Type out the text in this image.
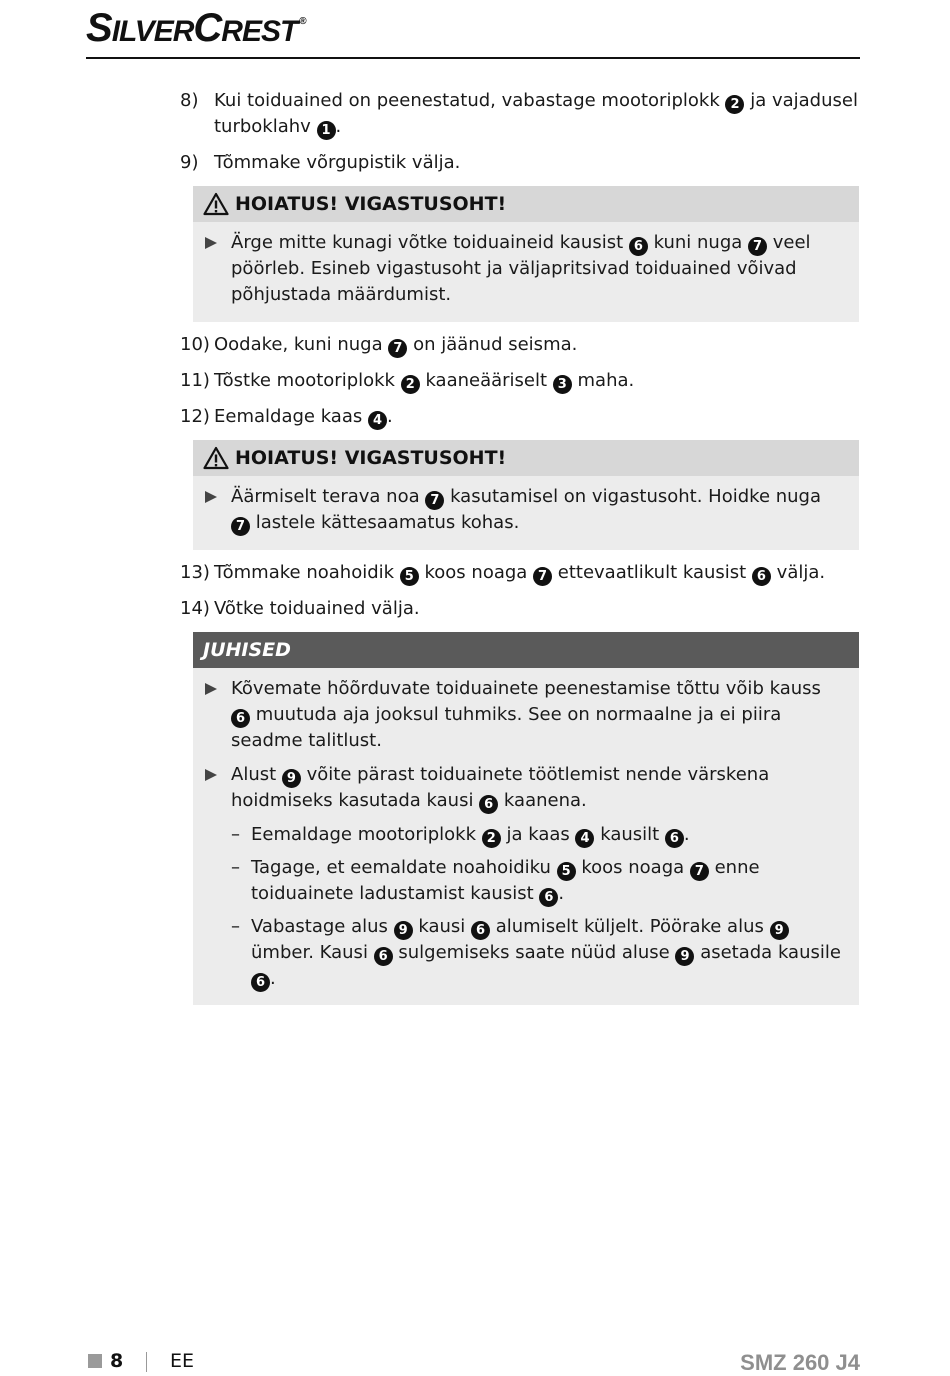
SILVERCREST ®
8) Kui toiduained on peenestatud, vabastage mootoriplokk 2 ja vajadusel turboklahv 1 .
9) Tõmmake võrgupistik välja.
HOIATUS! VIGASTUSOHT!
Ärge mitte kunagi võtke toiduaineid kausist 6 kuni nuga 7 veel pöörleb. Esineb vigastusoht ja väljapritsivad toiduained võivad põhjustada määrdumist.
10) Oodake, kuni nuga 7 on jäänud seisma.
11) Tõstke mootoriplokk 2 kaaneääriselt 3 maha.
12) Eemaldage kaas 4 .
HOIATUS! VIGASTUSOHT!
Äärmiselt terava noa 7 kasutamisel on vigastusoht. Hoidke nuga 7 lastele kättesaamatus kohas.
13) Tõmmake noahoidik 5 koos noaga 7 ettevaatlikult kausist 6 välja.
14) Võtke toiduained välja.
JUHISED
Kõvemate hõõrduvate toiduainete peenestamise tõttu võib kauss 6 muutuda aja jooksul tuhmiks. See on normaalne ja ei piira seadme talitlust.
Alust 9 võite pärast toiduainete töötlemist nende värskena hoidmiseks kasutada kausi 6 kaanena.
– Eemaldage mootoriplokk 2 ja kaas 4 kausilt 6 .
– Tagage, et eemaldate noahoidiku 5 koos noaga 7 enne toiduainete ladustamist kausist 6 .
– Vabastage alus 9 kausi 6 alumiselt küljelt. Pöörake alus 9 ümber. Kausi 6 sulgemiseks saate nüüd aluse 9 asetada kausile 6 .
8 EE	SMZ 260 J4
